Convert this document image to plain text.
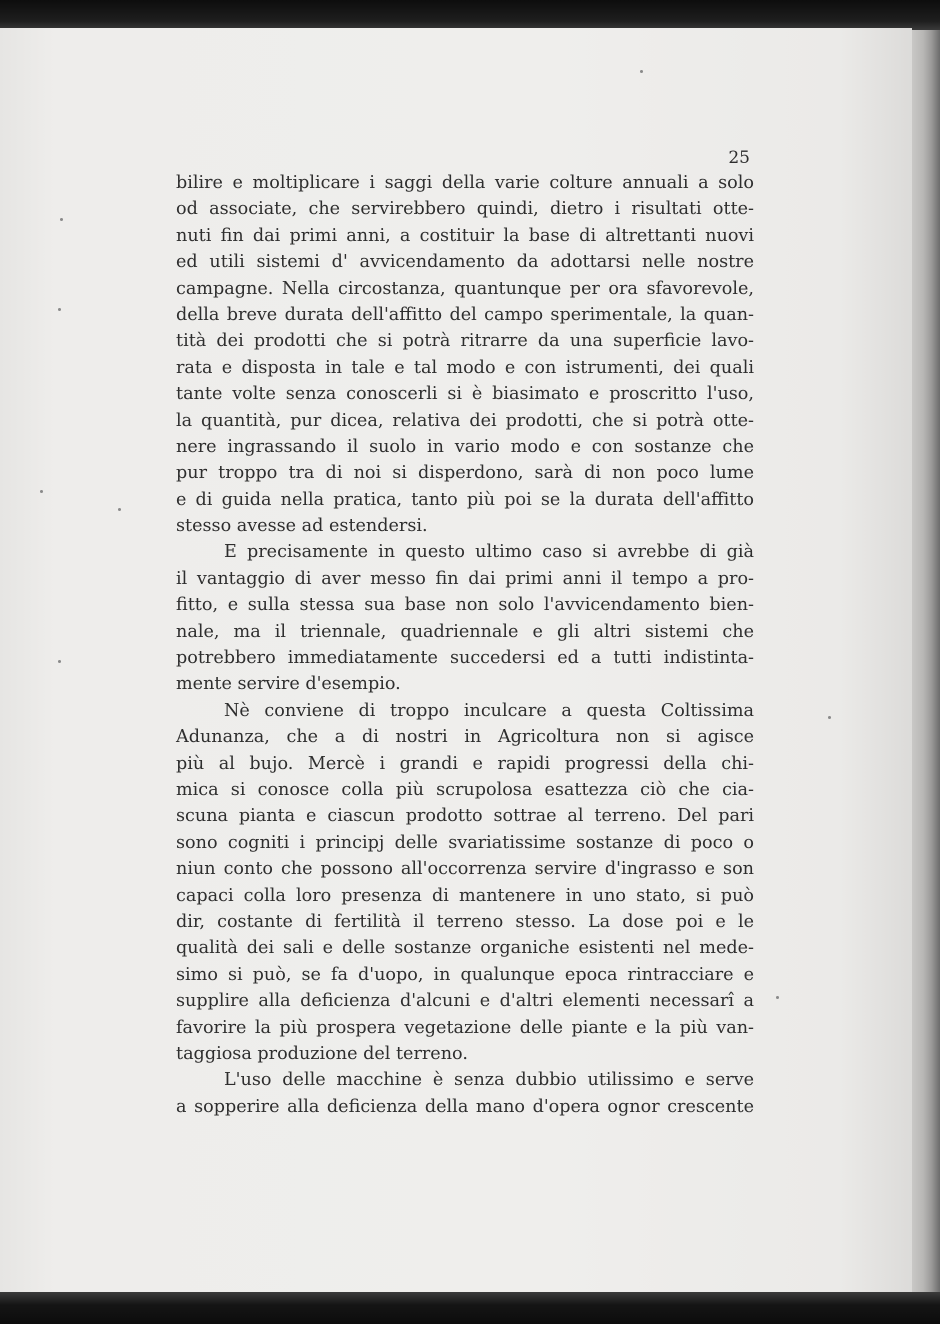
25
bilire e moltiplicare i saggi della varie colture annuali a solo
od associate, che servirebbero quindi, dietro i risultati otte-
nuti fin dai primi anni, a costituir la base di altrettanti nuovi
ed utili sistemi d' avvicendamento da adottarsi nelle nostre
campagne. Nella circostanza, quantunque per ora sfavorevole,
della breve durata dell'affitto del campo sperimentale, la quan-
tità dei prodotti che si potrà ritrarre da una superficie lavo-
rata e disposta in tale e tal modo e con istrumenti, dei quali
tante volte senza conoscerli si è biasimato e proscritto l'uso,
la quantità, pur dicea, relativa dei prodotti, che si potrà otte-
nere ingrassando il suolo in vario modo e con sostanze che
pur troppo tra di noi si disperdono, sarà di non poco lume
e di guida nella pratica, tanto più poi se la durata dell'affitto
stesso avesse ad estendersi.
E precisamente in questo ultimo caso si avrebbe di già
il vantaggio di aver messo fin dai primi anni il tempo a pro-
fitto, e sulla stessa sua base non solo l'avvicendamento bien-
nale, ma il triennale, quadriennale e gli altri sistemi che
potrebbero immediatamente succedersi ed a tutti indistinta-
mente servire d'esempio.
Nè conviene di troppo inculcare a questa Coltissima
Adunanza, che a di nostri in Agricoltura non si agisce
più al bujo. Mercè i grandi e rapidi progressi della chi-
mica si conosce colla più scrupolosa esattezza ciò che cia-
scuna pianta e ciascun prodotto sottrae al terreno. Del pari
sono cogniti i principj delle svariatissime sostanze di poco o
niun conto che possono all'occorrenza servire d'ingrasso e son
capaci colla loro presenza di mantenere in uno stato, si può
dir, costante di fertilità il terreno stesso. La dose poi e le
qualità dei sali e delle sostanze organiche esistenti nel mede-
simo si può, se fa d'uopo, in qualunque epoca rintracciare e
supplire alla deficienza d'alcuni e d'altri elementi necessarî a
favorire la più prospera vegetazione delle piante e la più van-
taggiosa produzione del terreno.
L'uso delle macchine è senza dubbio utilissimo e serve
a sopperire alla deficienza della mano d'opera ognor crescente
